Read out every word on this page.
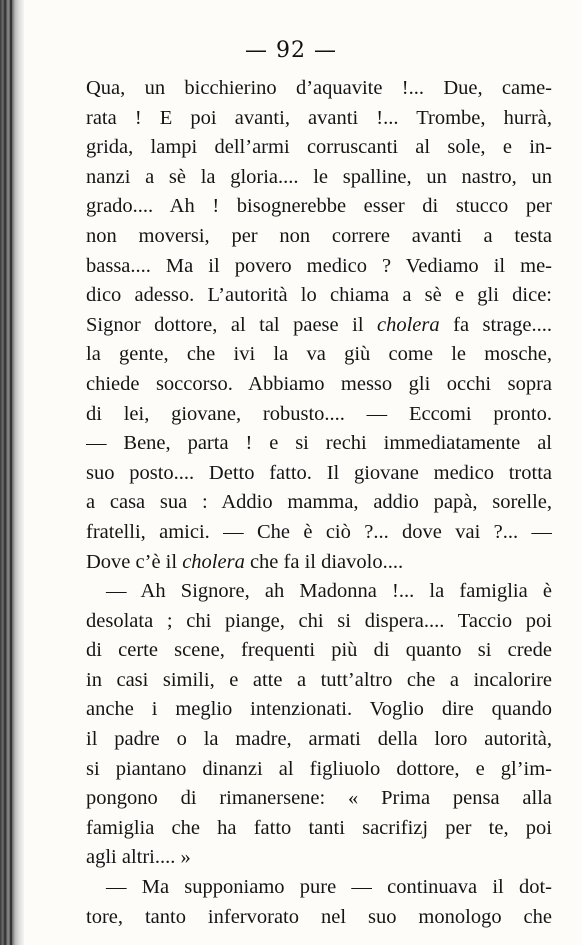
— 92 —
Qua, un bicchierino d’aquavite !... Due, came-
rata ! E poi avanti, avanti !... Trombe, hurrà,
grida, lampi dell’armi corruscanti al sole, e in-
nanzi a sè la gloria.... le spalline, un nastro, un
grado.... Ah ! bisognerebbe esser di stucco per
non moversi, per non correre avanti a testa
bassa.... Ma il povero medico ? Vediamo il me-
dico adesso. L’autorità lo chiama a sè e gli dice:
Signor dottore, al tal paese il cholera fa strage....
la gente, che ivi la va giù come le mosche,
chiede soccorso. Abbiamo messo gli occhi sopra
di lei, giovane, robusto.... — Eccomi pronto.
— Bene, parta ! e si rechi immediatamente al
suo posto.... Detto fatto. Il giovane medico trotta
a casa sua : Addio mamma, addio papà, sorelle,
fratelli, amici. — Che è ciò ?... dove vai ?... —
Dove c’è il cholera che fa il diavolo....
— Ah Signore, ah Madonna !... la famiglia è
desolata ; chi piange, chi si dispera.... Taccio poi
di certe scene, frequenti più di quanto si crede
in casi simili, e atte a tutt’altro che a incalorire
anche i meglio intenzionati. Voglio dire quando
il padre o la madre, armati della loro autorità,
si piantano dinanzi al figliuolo dottore, e gl’im-
pongono di rimanersene: « Prima pensa alla
famiglia che ha fatto tanti sacrifizj per te, poi
agli altri.... »
— Ma supponiamo pure — continuava il dot-
tore, tanto infervorato nel suo monologo che
